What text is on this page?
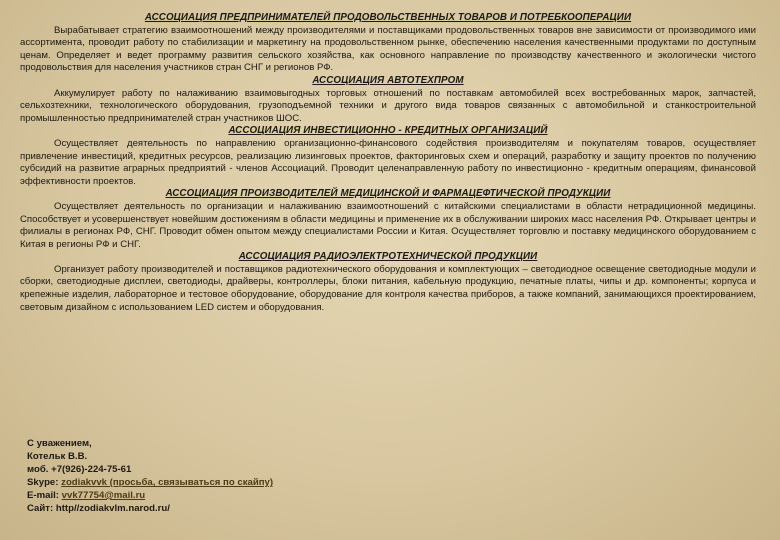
АССОЦИАЦИЯ ПРЕДПРИНИМАТЕЛЕЙ ПРОДОВОЛЬСТВЕННЫХ ТОВАРОВ И ПОТРЕБКООПЕРАЦИИ

Вырабатывает стратегию взаимоотношений между производителями и поставщиками продовольственных товаров вне зависимости от производимого ими ассортимента, проводит работу по стабилизации и маркетингу на продовольственном рынке, обеспечению населения качественными продуктами по доступным ценам. Определяет и ведет программу развития сельского хозяйства, как основного направление по производству качественного и экологически чистого продовольствия для населения участников стран СНГ и регионов РФ.

АССОЦИАЦИЯ АВТОТЕХПРОМ

Аккумулирует работу по налаживанию взаимовыгодных торговых отношений по поставкам автомобилей всех востребованных марок, запчастей, сельхозтехники, технологического оборудования, грузоподъемной техники и другого вида товаров связанных с автомобильной и станкостроительной промышленностью предпринимателей стран участников ШОС.

АССОЦИАЦИЯ ИНВЕСТИЦИОННО - КРЕДИТНЫХ ОРГАНИЗАЦИЙ

Осуществляет деятельность по направлению организационно-финансового содействия производителям и покупателям товаров, осуществляет привлечение инвестиций, кредитных ресурсов, реализацию лизинговых проектов, факторинговых схем и операций, разработку и защиту проектов по получению субсидий на развитие аграрных предприятий - членов Ассоциаций. Проводит целенаправленную работу по инвестиционно - кредитным операциям, финансовой эффективности проектов.

АССОЦИАЦИЯ ПРОИЗВОДИТЕЛЕЙ МЕДИЦИНСКОЙ И ФАРМАЦЕФТИЧЕСКОЙ ПРОДУКЦИИ

Осуществляет деятельность по организации и налаживанию взаимоотношений с китайскими специалистами в области нетрадиционной медицины. Способствует и усовершенствует новейшим достижениям в области медицины и применение их в обслуживании широких масс населения РФ. Открывает центры и филиалы в регионах РФ, СНГ. Проводит обмен опытом между специалистами России и Китая. Осуществляет торговлю и поставку медицинского оборудованием с Китая в регионы РФ и СНГ.

АССОЦИАЦИЯ РАДИОЭЛЕКТРОТЕХНИЧЕСКОЙ ПРОДУКЦИИ

Организует работу производителей и поставщиков радиотехнического оборудования и комплектующих – светодиодное освещение светодиодные модули и сборки, светодиодные дисплеи, светодиоды, драйверы, контроллеры, блоки питания, кабельную продукцию, печатные платы, чипы и др. компоненты; корпуса и крепежные изделия, лабораторное и тестовое оборудование, оборудование для контроля качества приборов, а также компаний, занимающихся проектированием, световым дизайном с использованием LED систем и оборудования.

С уважением,
Котельк В.В.
моб. +7(926)-224-75-61
Skype: zodiakvvk (просьба, связываться по скайпу)
E-mail: vvk77754@mail.ru
Сайт: http//zodiakvlm.narod.ru/
